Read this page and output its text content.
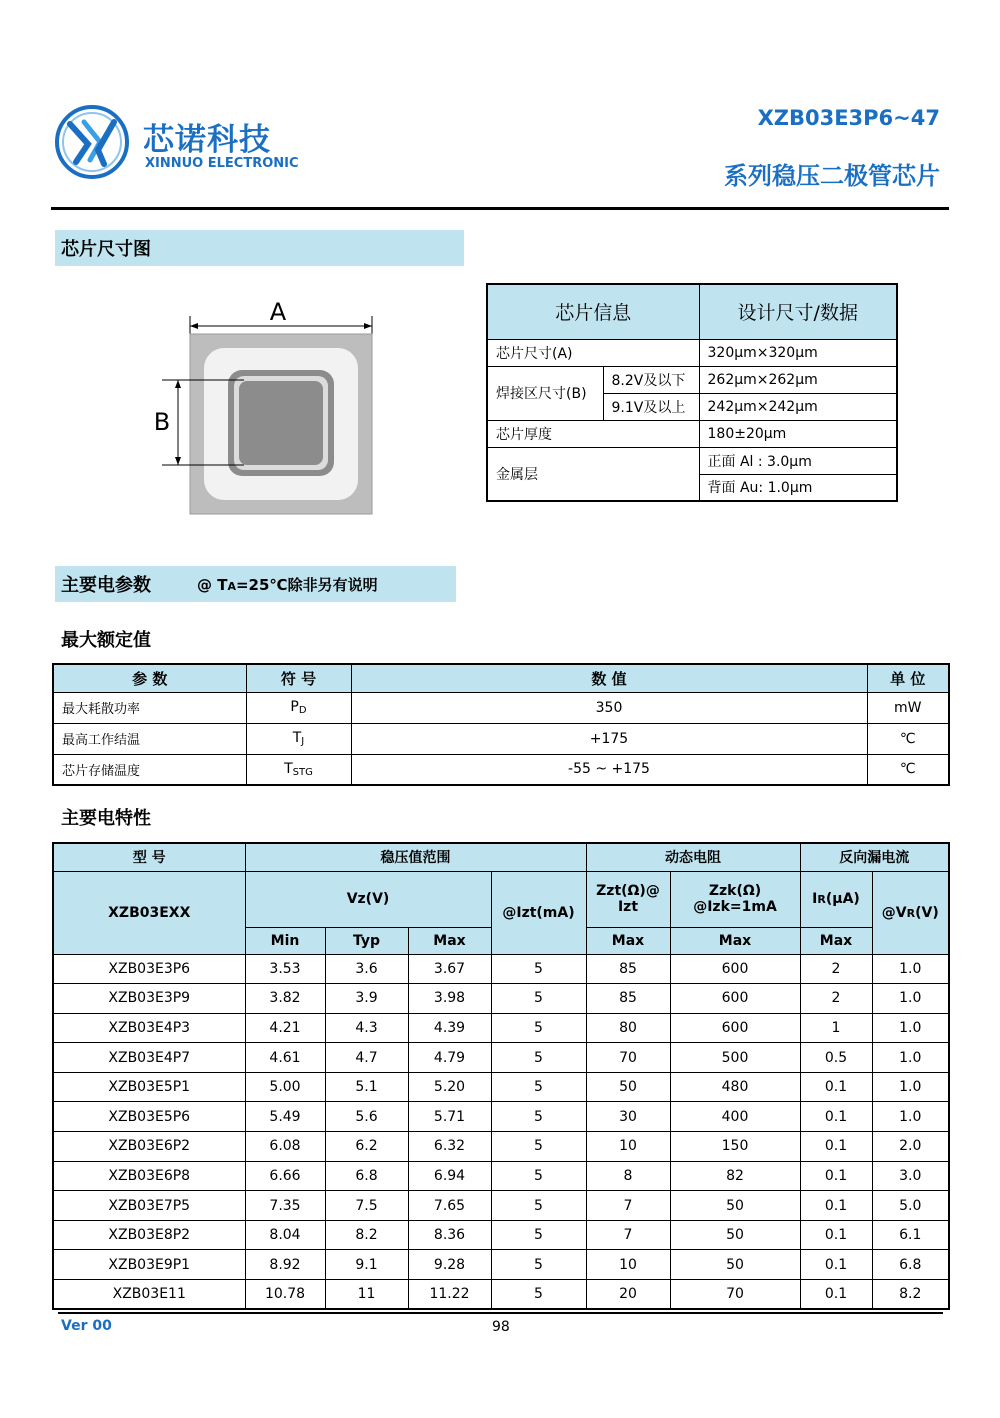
芯诺科技
XINNUO ELECTRONIC
XZB03E3P6~47
系列稳压二极管芯片
芯片尺寸图
A
B
芯片信息		设计尺寸/数据
芯片尺寸(A)		320μm×320μm
焊接区尺寸(B)	8.2V及以下	262μm×262μm
	9.1V及以上	242μm×242μm
芯片厚度		180±20μm
金属层		正面 Al : 3.0μm
		背面 Au: 1.0μm
主要电参数	@ TA=25℃除非另有说明
最大额定值
参 数	符 号	数 值	单 位
最大耗散功率	$P_D$	350	mW
最高工作结温	$T_J$	+175	℃
芯片存储温度	$T_{STG}$	-55 ~ +175	℃
主要电特性
型 号	稳压值范围				动态电阻		反向漏电流	
XZB03EXX	Vz(V)			@Izt(mA)	Zzt(Ω)@ Izt	Zzk(Ω) @Izk=1mA	IR(μA)	@VR(V)
	Min	Typ	Max		Max	Max	Max	
XZB03E3P6	3.53	3.6	3.67	5	85	600	2	1.0
XZB03E3P9	3.82	3.9	3.98	5	85	600	2	1.0
XZB03E4P3	4.21	4.3	4.39	5	80	600	1	1.0
XZB03E4P7	4.61	4.7	4.79	5	70	500	0.5	1.0
XZB03E5P1	5.00	5.1	5.20	5	50	480	0.1	1.0
XZB03E5P6	5.49	5.6	5.71	5	30	400	0.1	1.0
XZB03E6P2	6.08	6.2	6.32	5	10	150	0.1	2.0
XZB03E6P8	6.66	6.8	6.94	5	8	82	0.1	3.0
XZB03E7P5	7.35	7.5	7.65	5	7	50	0.1	5.0
XZB03E8P2	8.04	8.2	8.36	5	7	50	0.1	6.1
XZB03E9P1	8.92	9.1	9.28	5	10	50	0.1	6.8
XZB03E11	10.78	11	11.22	5	20	70	0.1	8.2
Ver 00	98
